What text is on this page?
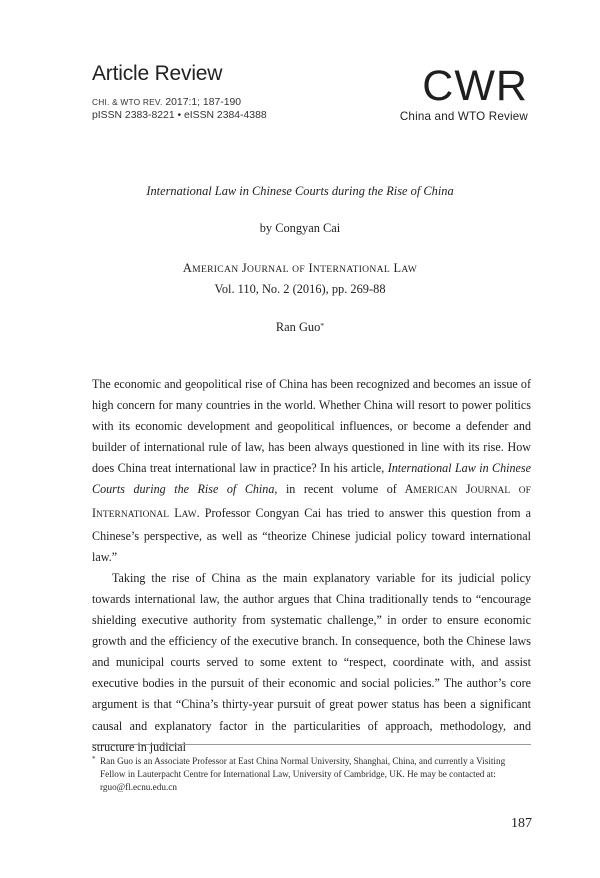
Article Review
CHI. & WTO REV. 2017:1; 187-190
pISSN 2383-8221 • eISSN 2384-4388
CWR
China and WTO Review
International Law in Chinese Courts during the Rise of China
by Congyan Cai
AMERICAN JOURNAL OF INTERNATIONAL LAW
Vol. 110, No. 2 (2016), pp. 269-88
Ran Guo*

The economic and geopolitical rise of China has been recognized and becomes an issue of high concern for many countries in the world. Whether China will resort to power politics with its economic development and geopolitical influences, or become a defender and builder of international rule of law, has been always questioned in line with its rise. How does China treat international law in practice? In his article, International Law in Chinese Courts during the Rise of China, in recent volume of AMERICAN JOURNAL OF INTERNATIONAL LAW. Professor Congyan Cai has tried to answer this question from a Chinese’s perspective, as well as “theorize Chinese judicial policy toward international law.”

Taking the rise of China as the main explanatory variable for its judicial policy towards international law, the author argues that China traditionally tends to “encourage shielding executive authority from systematic challenge,” in order to ensure economic growth and the efficiency of the executive branch. In consequence, both the Chinese laws and municipal courts served to some extent to “respect, coordinate with, and assist executive bodies in the pursuit of their economic and social policies.” The author’s core argument is that “China’s thirty-year pursuit of great power status has been a significant causal and explanatory factor in the particularities of approach, methodology, and structure in judicial

* Ran Guo is an Associate Professor at East China Normal University, Shanghai, China, and currently a Visiting Fellow in Lauterpacht Centre for International Law, University of Cambridge, UK. He may be contacted at: rguo@fl.ecnu.edu.cn
187
